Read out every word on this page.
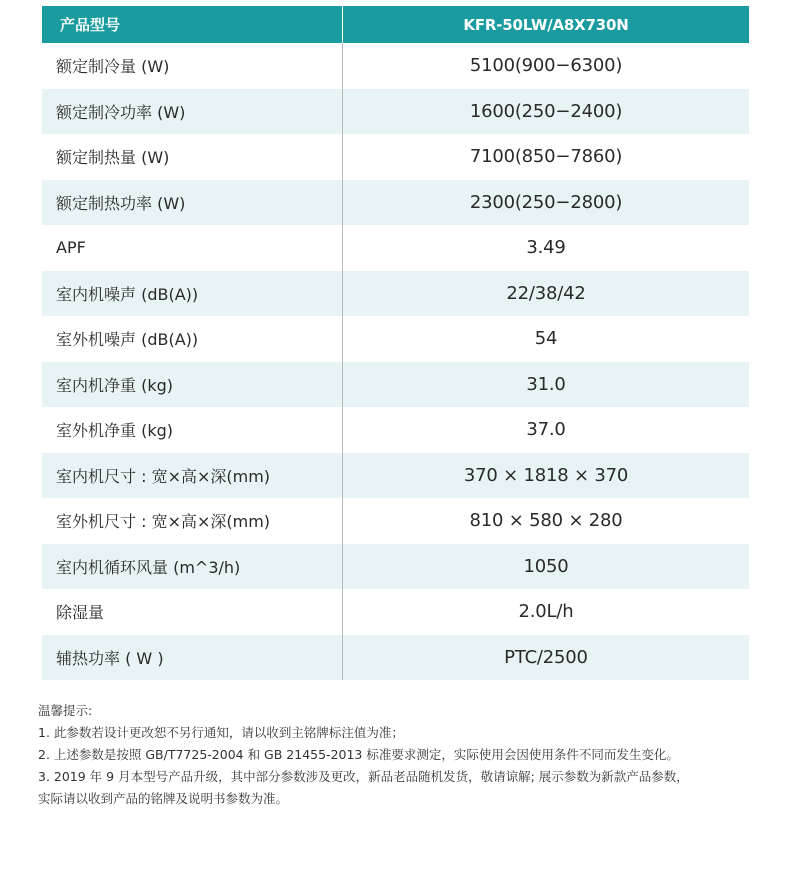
产品型号	KFR-50LW/A8X730N
额定制冷量 (W)	5100(900−6300)
额定制冷功率 (W)	1600(250−2400)
额定制热量 (W)	7100(850−7860)
额定制热功率 (W)	2300(250−2800)
APF	3.49
室内机噪声 (dB(A))	22/38/42
室外机噪声 (dB(A))	54
室内机净重 (kg)	31.0
室外机净重 (kg)	37.0
室内机尺寸 : 宽×高×深(mm)	370 × 1818 × 370
室外机尺寸 : 宽×高×深(mm)	810 × 580 × 280
室内机循环风量 (m^3/h)	1050
除湿量	2.0L/h
辅热功率 ( W )	PTC/2500
温馨提示:
1. 此参数若设计更改恕不另行通知，请以收到主铭牌标注值为准；
2. 上述参数是按照 GB/T7725-2004 和 GB 21455-2013 标准要求测定，实际使用会因使用条件不同而发生变化。
3. 2019 年 9 月本型号产品升级，其中部分参数涉及更改，新品老品随机发货，敬请谅解; 展示参数为新款产品参数，
实际请以收到产品的铭牌及说明书参数为准。
